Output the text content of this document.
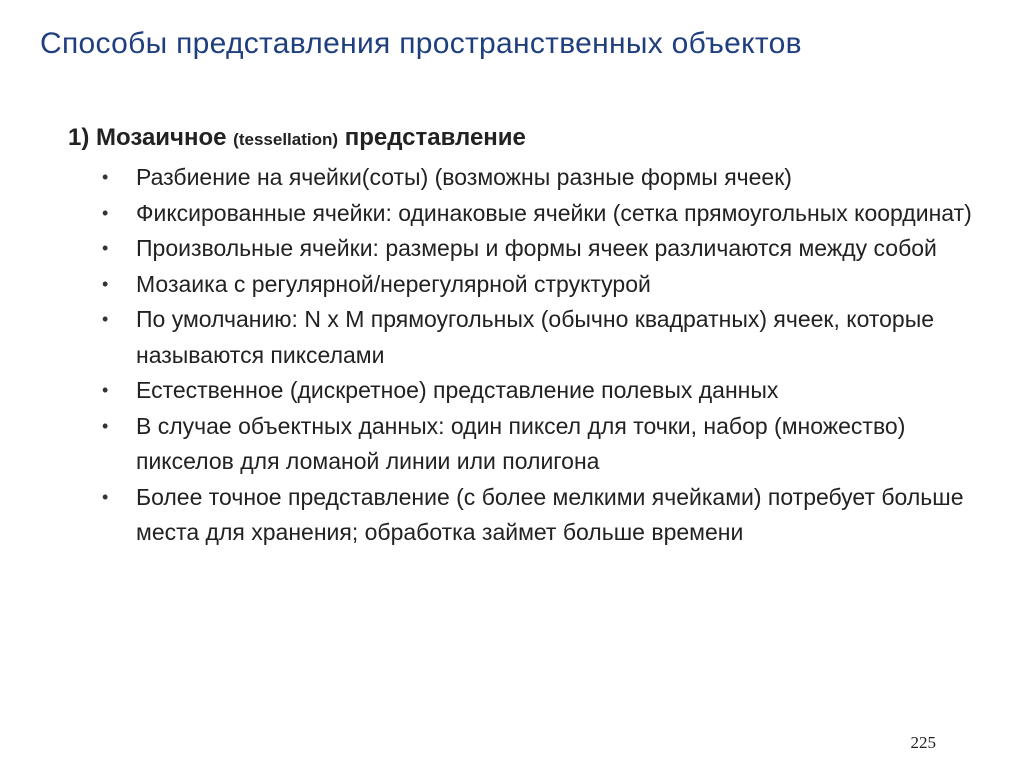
Способы представления пространственных объектов
1) Мозаичное (tessellation) представление
• Разбиение на ячейки(соты) (возможны разные формы ячеек)
• Фиксированные ячейки: одинаковые ячейки (сетка прямоугольных координат)
• Произвольные ячейки: размеры и формы ячеек различаются между собой
• Мозаика с регулярной/нерегулярной структурой
• По умолчанию: N x M прямоугольных (обычно квадратных) ячеек, которые называются пикселами
• Естественное (дискретное) представление полевых данных
• В случае объектных данных: один пиксел для точки, набор (множество) пикселов для ломаной линии или полигона
• Более точное представление (с более мелкими ячейками) потребует больше места для хранения; обработка займет больше времени
225
